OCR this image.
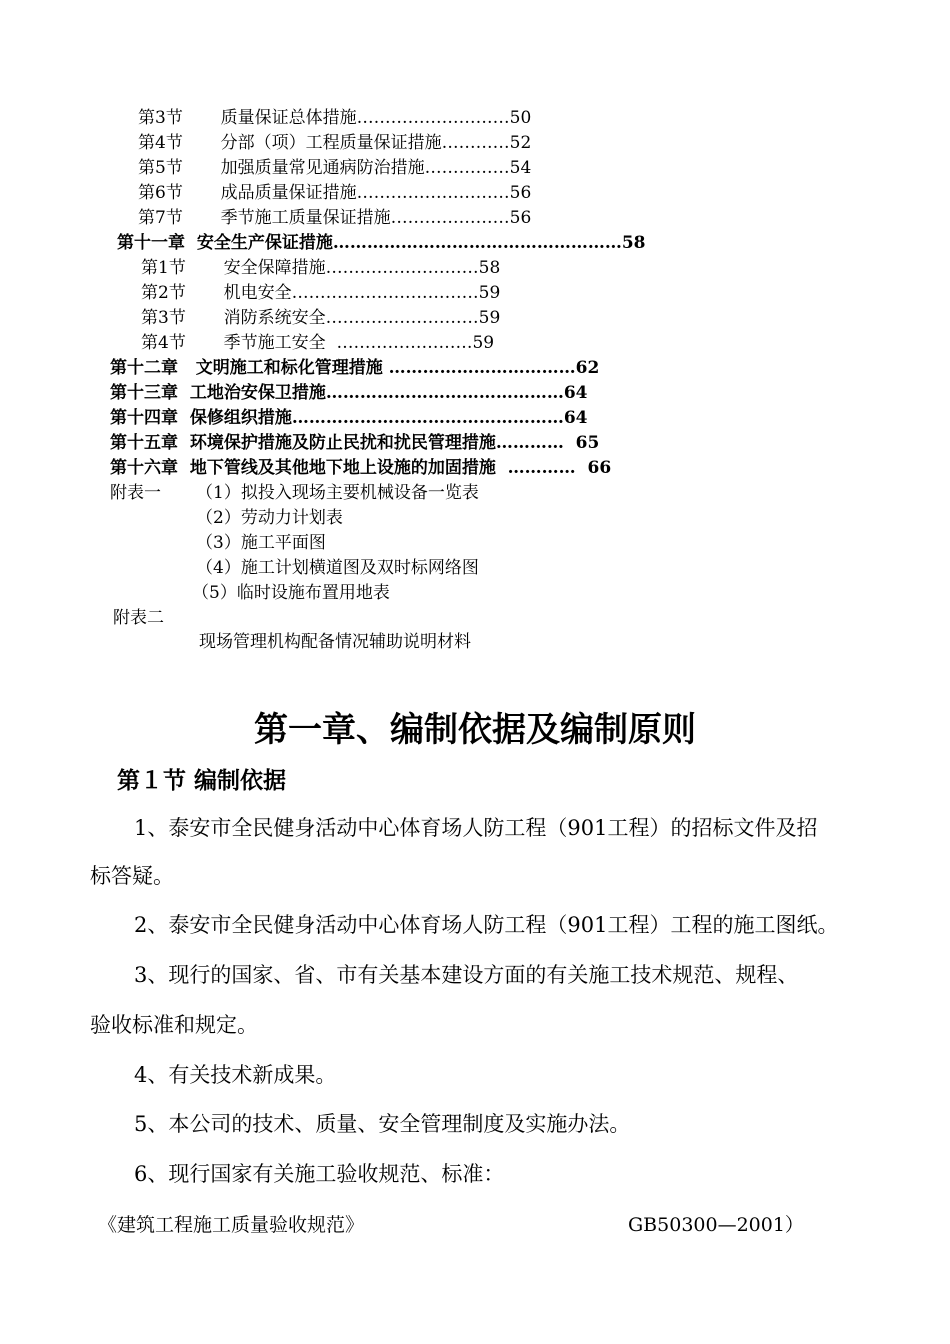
第3节       质量保证总体措施………………………50
第4节       分部（项）工程质量保证措施…………52
第5节       加强质量常见通病防治措施……………54
第6节       成品质量保证措施………………………56
第7节       季节施工质量保证措施…………………56
第十一章  安全生产保证措施……………………………………………58
第1节       安全保障措施………………………58
第2节       机电安全……………………………59
第3节       消防系统安全………………………59
第4节       季节施工安全  ……………………59
第十二章   文明施工和标化管理措施 ……………………………62
第十三章  工地治安保卫措施……………………………………64
第十四章  保修组织措施…………………………………………64
第十五章  环境保护措施及防止民扰和扰民管理措施…………  65
第十六章  地下管线及其他地下地上设施的加固措施  …………  66
附表一 （1）拟投入现场主要机械设备一览表
（2）劳动力计划表
（3）施工平面图
（4）施工计划横道图及双时标网络图
（5）临时设施布置用地表
附表二
现场管理机构配备情况辅助说明材料
第一章、编制依据及编制原则
第１节 编制依据
1、泰安市全民健身活动中心体育场人防工程（901工程）的招标文件及招
标答疑。
2、泰安市全民健身活动中心体育场人防工程（901工程）工程的施工图纸。
3、现行的国家、省、市有关基本建设方面的有关施工技术规范、规程、
验收标准和规定。
4、有关技术新成果。
5、本公司的技术、质量、安全管理制度及实施办法。
6、现行国家有关施工验收规范、标准：
《建筑工程施工质量验收规范》	GB50300—2001）
